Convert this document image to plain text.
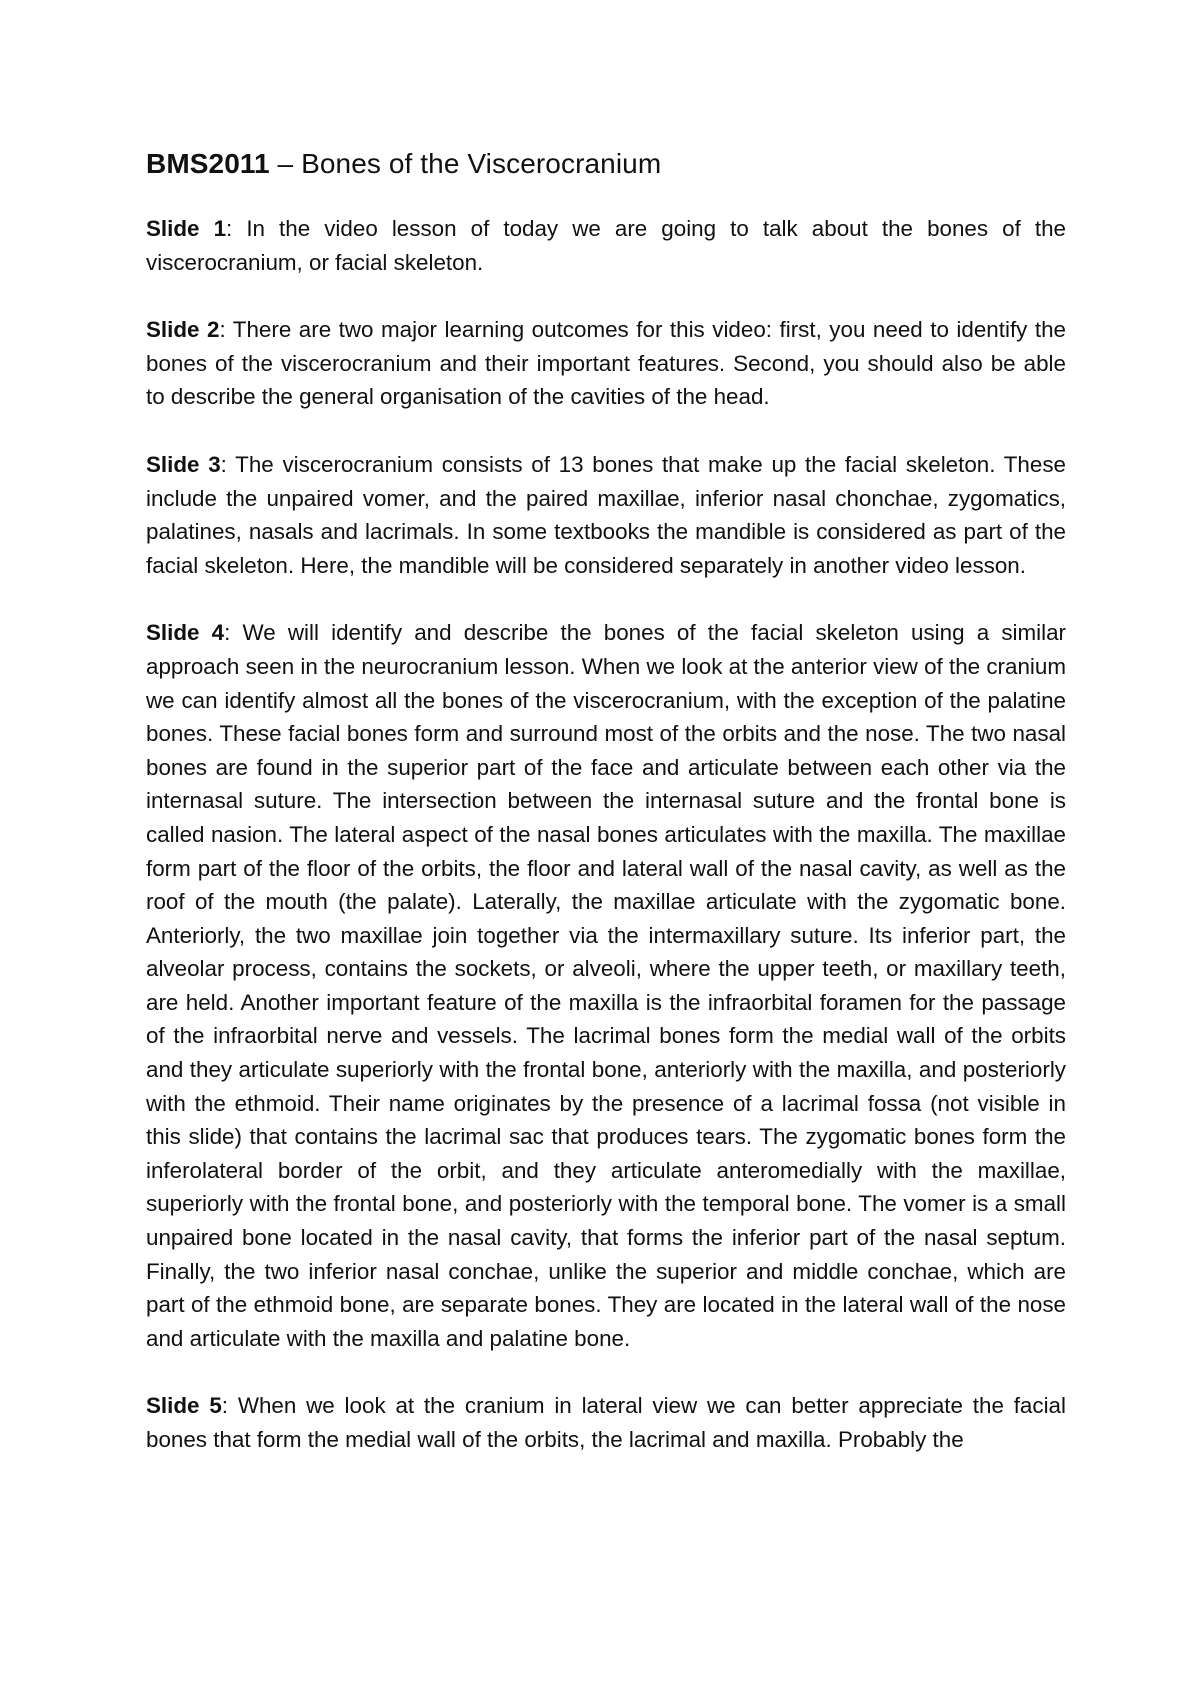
BMS2011 – Bones of the Viscerocranium

Slide 1: In the video lesson of today we are going to talk about the bones of the viscerocranium, or facial skeleton.

Slide 2: There are two major learning outcomes for this video: first, you need to identify the bones of the viscerocranium and their important features. Second, you should also be able to describe the general organisation of the cavities of the head.

Slide 3: The viscerocranium consists of 13 bones that make up the facial skeleton. These include the unpaired vomer, and the paired maxillae, inferior nasal chonchae, zygomatics, palatines, nasals and lacrimals. In some textbooks the mandible is considered as part of the facial skeleton. Here, the mandible will be considered separately in another video lesson.

Slide 4: We will identify and describe the bones of the facial skeleton using a similar approach seen in the neurocranium lesson. When we look at the anterior view of the cranium we can identify almost all the bones of the viscerocranium, with the exception of the palatine bones. These facial bones form and surround most of the orbits and the nose. The two nasal bones are found in the superior part of the face and articulate between each other via the internasal suture. The intersection between the internasal suture and the frontal bone is called nasion. The lateral aspect of the nasal bones articulates with the maxilla. The maxillae form part of the floor of the orbits, the floor and lateral wall of the nasal cavity, as well as the roof of the mouth (the palate). Laterally, the maxillae articulate with the zygomatic bone. Anteriorly, the two maxillae join together via the intermaxillary suture. Its inferior part, the alveolar process, contains the sockets, or alveoli, where the upper teeth, or maxillary teeth, are held. Another important feature of the maxilla is the infraorbital foramen for the passage of the infraorbital nerve and vessels. The lacrimal bones form the medial wall of the orbits and they articulate superiorly with the frontal bone, anteriorly with the maxilla, and posteriorly with the ethmoid. Their name originates by the presence of a lacrimal fossa (not visible in this slide) that contains the lacrimal sac that produces tears. The zygomatic bones form the inferolateral border of the orbit, and they articulate anteromedially with the maxillae, superiorly with the frontal bone, and posteriorly with the temporal bone. The vomer is a small unpaired bone located in the nasal cavity, that forms the inferior part of the nasal septum. Finally, the two inferior nasal conchae, unlike the superior and middle conchae, which are part of the ethmoid bone, are separate bones. They are located in the lateral wall of the nose and articulate with the maxilla and palatine bone.

Slide 5: When we look at the cranium in lateral view we can better appreciate the facial bones that form the medial wall of the orbits, the lacrimal and maxilla. Probably the
